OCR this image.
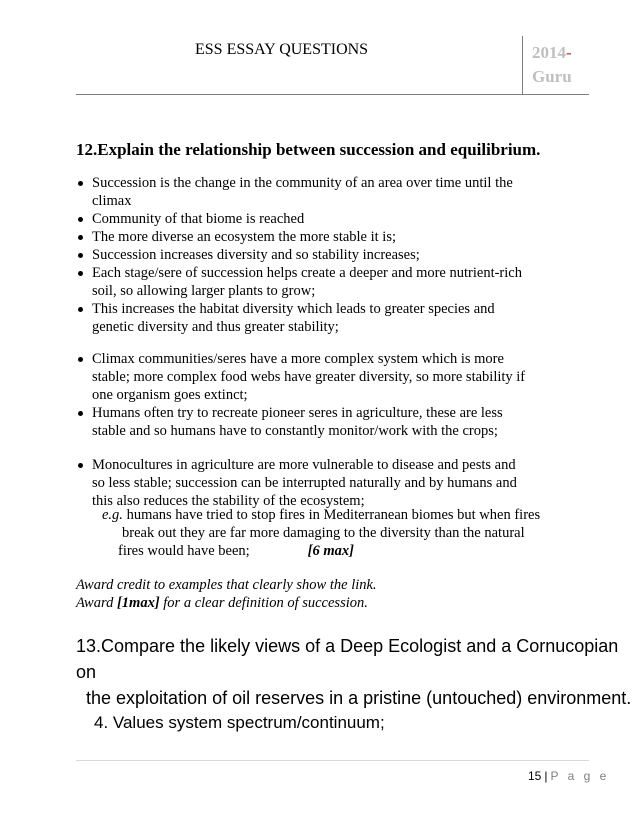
ESS ESSAY QUESTIONS	2014-
Guru
12.Explain the relationship between succession and equilibrium.
Succession is the change in the community of an area over time until the
climax
Community of that biome is reached
The more diverse an ecosystem the more stable it is;
Succession increases diversity and so stability increases;
Each stage/sere of succession helps create a deeper and more nutrient-rich
soil, so allowing larger plants to grow;
This increases the habitat diversity which leads to greater species and
genetic diversity and thus greater stability;
Climax communities/seres have a more complex system which is more
stable; more complex food webs have greater diversity, so more stability if
one organism goes extinct;
Humans often try to recreate pioneer seres in agriculture, these are less
stable and so humans have to constantly monitor/work with the crops;
Monocultures in agriculture are more vulnerable to disease and pests and
so less stable; succession can be interrupted naturally and by humans and
this also reduces the stability of the ecosystem;
e.g. humans have tried to stop fires in Mediterranean biomes but when fires
break out they are far more damaging to the diversity than the natural
fires would have been;	[6 max]
Award credit to examples that clearly show the link.
Award [1max] for a clear definition of succession.
13.Compare the likely views of a Deep Ecologist and a Cornucopian on
the exploitation of oil reserves in a pristine (untouched) environment.
4. Values system spectrum/continuum;
15 | P a g e
